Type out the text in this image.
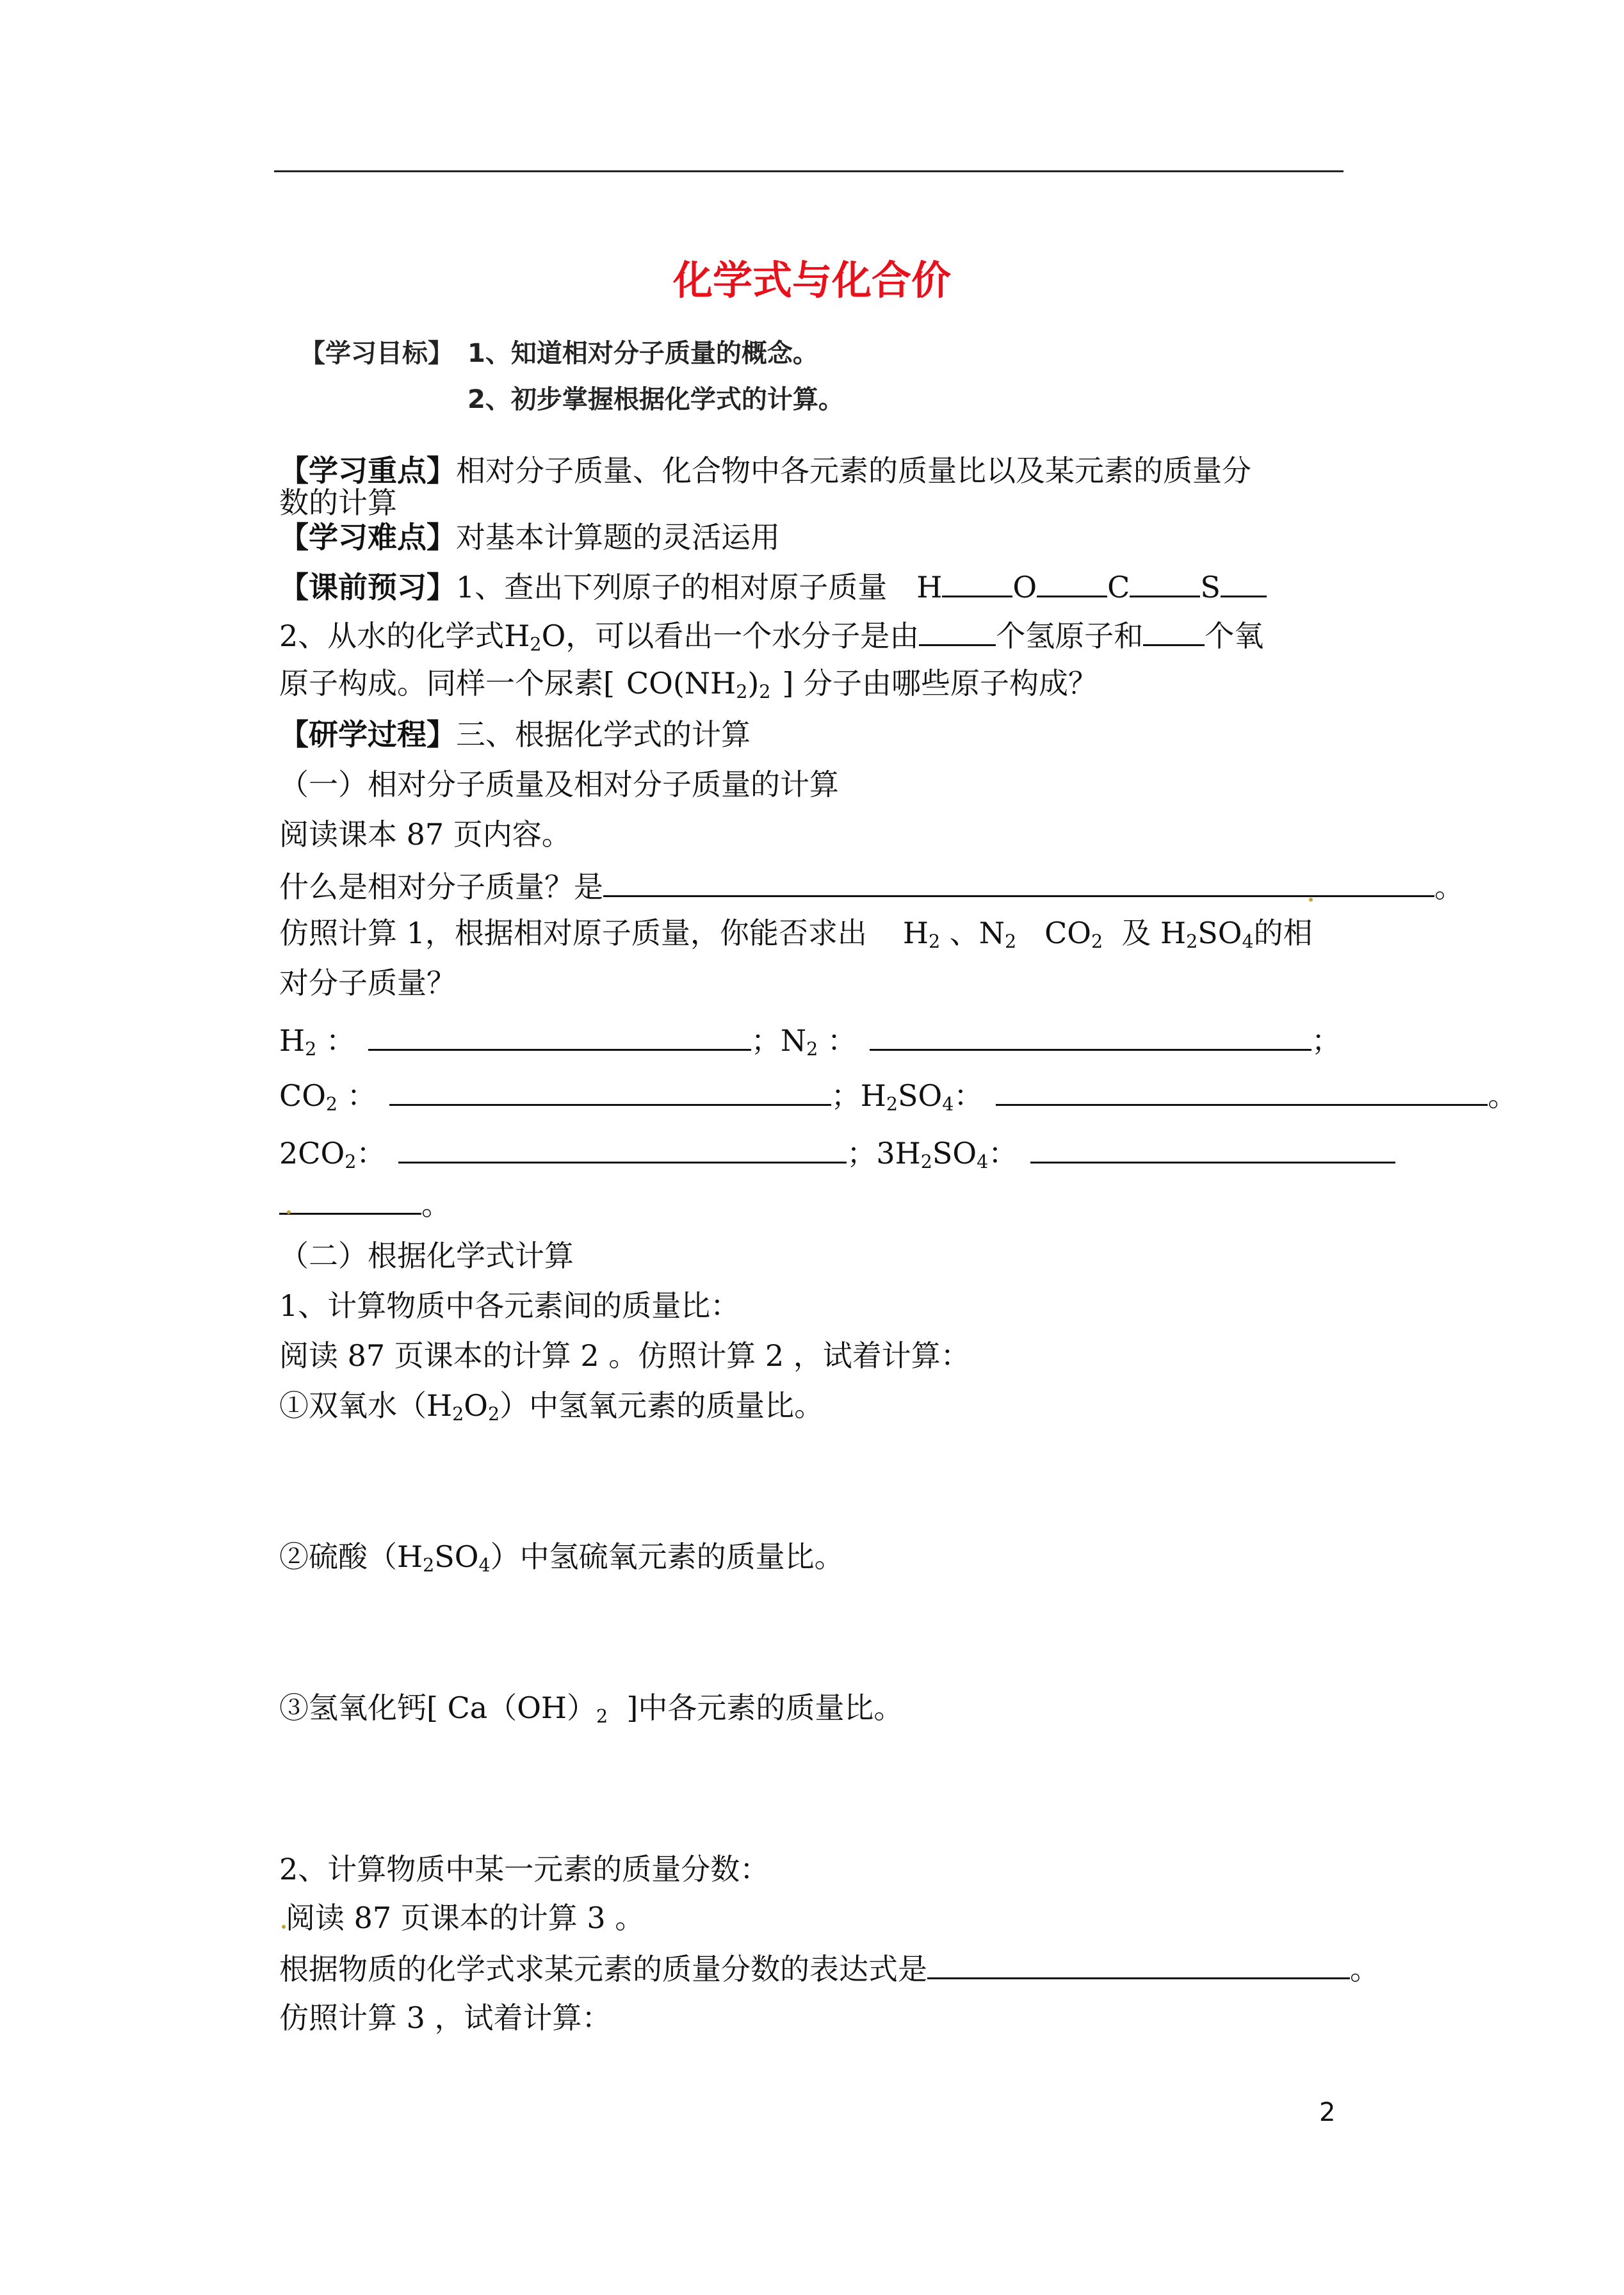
化学式与化合价
【学习目标】 1、知道相对分子质量的概念。
2、初步掌握根据化学式的计算。
【学习重点】相对分子质量、化合物中各元素的质量比以及某元素的质量分
数的计算
【学习难点】对基本计算题的灵活运用
【课前预习】1、查出下列原子的相对原子质量 H O C S
2、从水的化学式$H_2O$，可以看出一个水分子是由	个氢原子和 个氧
原子构成。同样一个尿素[ $CO(NH_2)_2$ ] 分子由哪些原子构成？
【研学过程】三、根据化学式的计算
（一）相对分子质量及相对分子质量的计算
阅读课本 87 页内容。
什么是相对分子质量？是	。
仿照计算 1，根据相对原子质量，你能否求出 $H_2$ 、$N_2$   $CO_2$  及 $H_2SO_4$的相
对分子质量？
$H_2$ ：	；$N_2$ ：	；
$CO_2$ ：	；$H_2SO_4$：	。
$2CO_2$：	；$3H_2SO_4$：
。
（二）根据化学式计算
1、计算物质中各元素间的质量比：
阅读 87 页课本的计算 2 。仿照计算 2 ，试着计算：
①双氧水$(H_2O_2)$中氢氧元素的质量比。
②硫酸$(H_2SO_4)$中氢硫氧元素的质量比。
③氢氧化钙[ $Ca(OH)_2$  ]中各元素的质量比。
2、计算物质中某一元素的质量分数：
阅读 87 页课本的计算 3 。
根据物质的化学式求某元素的质量分数的表达式是	。
仿照计算 3 ，试着计算：
2
